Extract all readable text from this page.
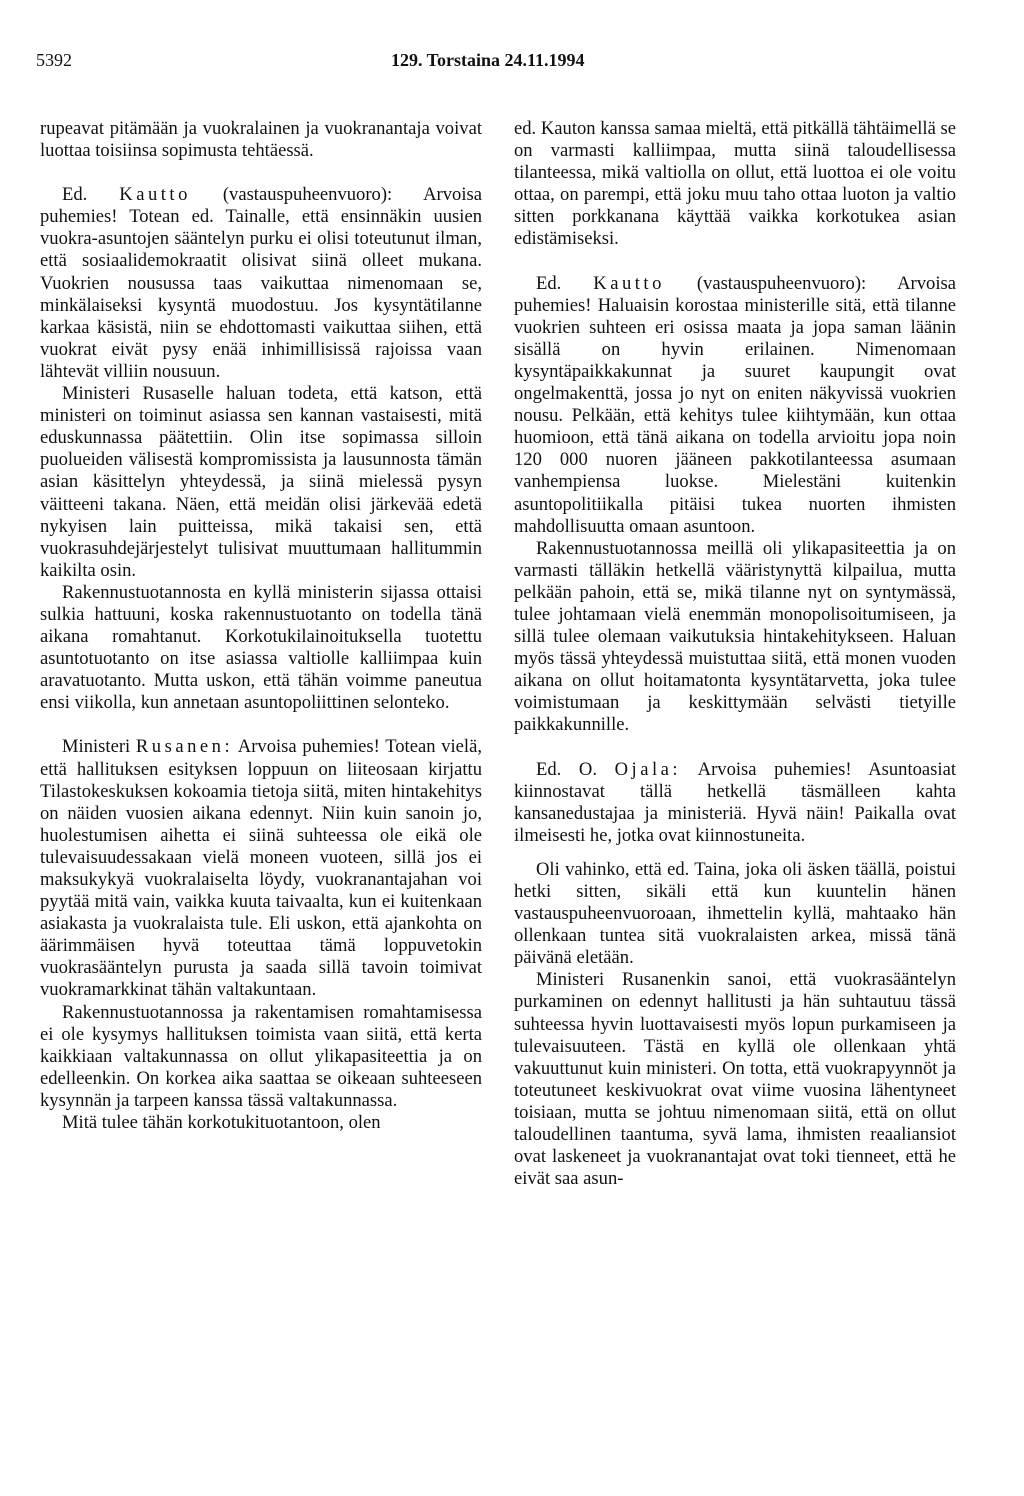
5392	129. Torstaina 24.11.1994

rupeavat pitämään ja vuokralainen ja vuokranantaja voivat luottaa toisiinsa sopimusta tehtäessä.

Ed. Kautto (vastauspuheenvuoro): Arvoisa puhemies! Totean ed. Tainalle, että ensinnäkin uusien vuokra-asuntojen sääntelyn purku ei olisi toteutunut ilman, että sosiaalidemokraatit olisivat siinä olleet mukana. Vuokrien nousussa taas vaikuttaa nimenomaan se, minkälaiseksi kysyntä muodostuu. Jos kysyntätilanne karkaa käsistä, niin se ehdottomasti vaikuttaa siihen, että vuokrat eivät pysy enää inhimillisissä rajoissa vaan lähtevät villiin nousuun.

Ministeri Rusaselle haluan todeta, että katson, että ministeri on toiminut asiassa sen kannan vastaisesti, mitä eduskunnassa päätettiin. Olin itse sopimassa silloin puolueiden välisestä kompromissista ja lausunnosta tämän asian käsittelyn yhteydessä, ja siinä mielessä pysyn väitteeni takana. Näen, että meidän olisi järkevää edetä nykyisen lain puitteissa, mikä takaisi sen, että vuokrasuhdejärjestelyt tulisivat muuttumaan hallitummin kaikilta osin.

Rakennustuotannosta en kyllä ministerin sijassa ottaisi sulkia hattuuni, koska rakennustuotanto on todella tänä aikana romahtanut. Korkotukilainoituksella tuotettu asuntotuotanto on itse asiassa valtiolle kalliimpaa kuin aravatuotanto. Mutta uskon, että tähän voimme paneutua ensi viikolla, kun annetaan asuntopoliittinen selonteko.

Ministeri Rusanen: Arvoisa puhemies! Totean vielä, että hallituksen esityksen loppuun on liiteosaan kirjattu Tilastokeskuksen kokoamia tietoja siitä, miten hintakehitys on näiden vuosien aikana edennyt. Niin kuin sanoin jo, huolestumisen aihetta ei siinä suhteessa ole eikä ole tulevaisuudessakaan vielä moneen vuoteen, sillä jos ei maksukykyä vuokralaiselta löydy, vuokranantajahan voi pyytää mitä vain, vaikka kuuta taivaalta, kun ei kuitenkaan asiakasta ja vuokralaista tule. Eli uskon, että ajankohta on äärimmäisen hyvä toteuttaa tämä loppuvetokin vuokrasääntelyn purusta ja saada sillä tavoin toimivat vuokramarkkinat tähän valtakuntaan.

Rakennustuotannossa ja rakentamisen romahtamisessa ei ole kysymys hallituksen toimista vaan siitä, että kerta kaikkiaan valtakunnassa on ollut ylikapasiteettia ja on edelleenkin. On korkea aika saattaa se oikeaan suhteeseen kysynnän ja tarpeen kanssa tässä valtakunnassa.

Mitä tulee tähän korkotukituotantoon, olen

ed. Kauton kanssa samaa mieltä, että pitkällä tähtäimellä se on varmasti kalliimpaa, mutta siinä taloudellisessa tilanteessa, mikä valtiolla on ollut, että luottoa ei ole voitu ottaa, on parempi, että joku muu taho ottaa luoton ja valtio sitten porkkanana käyttää vaikka korkotukea asian edistämiseksi.

Ed. Kautto (vastauspuheenvuoro): Arvoisa puhemies! Haluaisin korostaa ministerille sitä, että tilanne vuokrien suhteen eri osissa maata ja jopa saman läänin sisällä on hyvin erilainen. Nimenomaan kysyntäpaikkakunnat ja suuret kaupungit ovat ongelmakenttä, jossa jo nyt on eniten näkyvissä vuokrien nousu. Pelkään, että kehitys tulee kiihtymään, kun ottaa huomioon, että tänä aikana on todella arvioitu jopa noin 120 000 nuoren jääneen pakkotilanteessa asumaan vanhempiensa luokse. Mielestäni kuitenkin asuntopolitiikalla pitäisi tukea nuorten ihmisten mahdollisuutta omaan asuntoon.

Rakennustuotannossa meillä oli ylikapasiteettia ja on varmasti tälläkin hetkellä vääristynyttä kilpailua, mutta pelkään pahoin, että se, mikä tilanne nyt on syntymässä, tulee johtamaan vielä enemmän monopolisoitumiseen, ja sillä tulee olemaan vaikutuksia hintakehitykseen. Haluan myös tässä yhteydessä muistuttaa siitä, että monen vuoden aikana on ollut hoitamatonta kysyntätarvetta, joka tulee voimistumaan ja keskittymään selvästi tietyille paikkakunnille.

Ed. O. Ojala: Arvoisa puhemies! Asuntoasiat kiinnostavat tällä hetkellä täsmälleen kahta kansanedustajaa ja ministeriä. Hyvä näin! Paikalla ovat ilmeisesti he, jotka ovat kiinnostuneita.

Oli vahinko, että ed. Taina, joka oli äsken täällä, poistui hetki sitten, sikäli että kun kuuntelin hänen vastauspuheenvuoroaan, ihmettelin kyllä, mahtaako hän ollenkaan tuntea sitä vuokralaisten arkea, missä tänä päivänä eletään.

Ministeri Rusanenkin sanoi, että vuokrasääntelyn purkaminen on edennyt hallitusti ja hän suhtautuu tässä suhteessa hyvin luottavaisesti myös lopun purkamiseen ja tulevaisuuteen. Tästä en kyllä ole ollenkaan yhtä vakuuttunut kuin ministeri. On totta, että vuokrapyynnöt ja toteutuneet keskivuokrat ovat viime vuosina lähentyneet toisiaan, mutta se johtuu nimenomaan siitä, että on ollut taloudellinen taantuma, syvä lama, ihmisten reaaliansiot ovat laskeneet ja vuokranantajat ovat toki tienneet, että he eivät saa asun-
